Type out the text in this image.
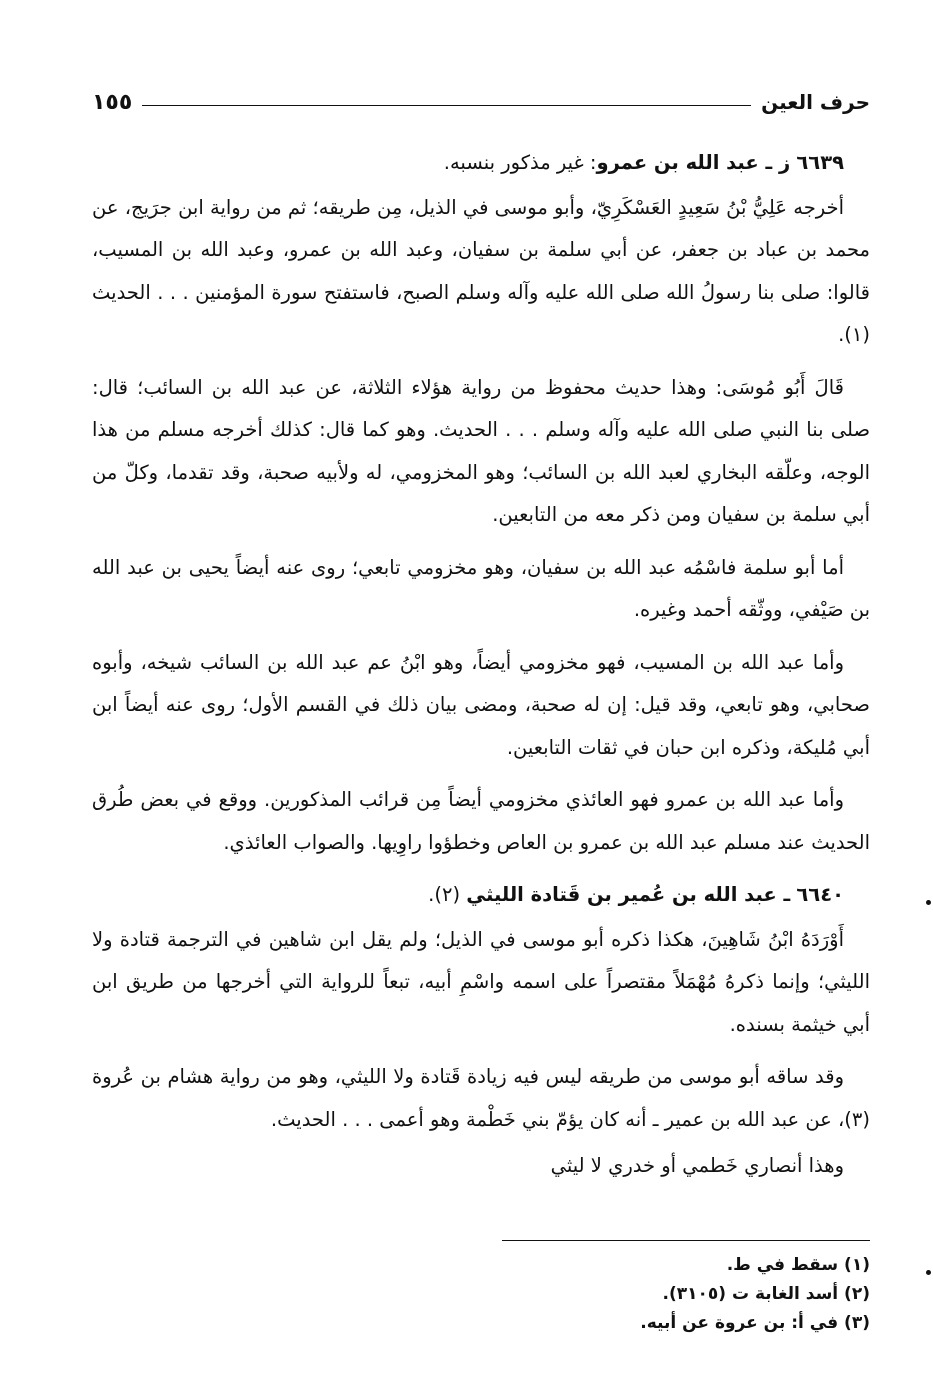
حرف العين
١٥٥

٦٦٣٩ ز ـ عبد الله بن عمرو: غير مذكور بنسبه.

أخرجه عَلِيُّ بْنُ سَعِيدٍ العَسْكَرِيّ، وأبو موسى في الذيل، مِن طريقه؛ ثم من رواية ابن جرَيج، عن محمد بن عباد بن جعفر، عن أبي سلمة بن سفيان، وعبد الله بن عمرو، وعبد الله بن المسيب، قالوا: صلى بنا رسولُ الله صلى الله عليه وآله وسلم الصبح، فاستفتح سورة المؤمنين . . . الحديث (١).

قَالَ أَبُو مُوسَى: وهذا حديث محفوظ من رواية هؤلاء الثلاثة، عن عبد الله بن السائب؛ قال: صلى بنا النبي صلى الله عليه وآله وسلم . . . الحديث. وهو كما قال: كذلك أخرجه مسلم من هذا الوجه، وعلّقه البخاري لعبد الله بن السائب؛ وهو المخزومي، له ولأبيه صحبة، وقد تقدما، وكلّ من أبي سلمة بن سفيان ومن ذكر معه من التابعين.

أما أبو سلمة فاسْمُه عبد الله بن سفيان، وهو مخزومي تابعي؛ روى عنه أيضاً يحيى بن عبد الله بن صَيْفي، ووثّقه أحمد وغيره.

وأما عبد الله بن المسيب، فهو مخزومي أيضاً، وهو ابْنُ عم عبد الله بن السائب شيخه، وأبوه صحابي، وهو تابعي، وقد قيل: إن له صحبة، ومضى بيان ذلك في القسم الأول؛ روى عنه أيضاً ابن أبي مُليكة، وذكره ابن حبان في ثقات التابعين.

وأما عبد الله بن عمرو فهو العائذي مخزومي أيضاً مِن قرائب المذكورين. ووقع في بعض طُرق الحديث عند مسلم عبد الله بن عمرو بن العاص وخطؤوا راوِيها. والصواب العائذي.

٦٦٤٠ ـ عبد الله بن عُمير بن قَتادة الليثي (٢).

أَوْرَدَهُ ابْنُ شَاهِينَ، هكذا ذكره أبو موسى في الذيل؛ ولم يقل ابن شاهين في الترجمة قتادة ولا الليثي؛ وإنما ذكرهُ مُهْمَلاً مقتصراً على اسمه واسْمِ أبيه، تبعاً للرواية التي أخرجها من طريق ابن أبي خيثمة بسنده.

وقد ساقه أبو موسى من طريقه ليس فيه زيادة قَتادة ولا الليثي، وهو من رواية هشام بن عُروة (٣)، عن عبد الله بن عمير ـ أنه كان يؤمّ بني خَطْمة وهو أعمى . . . الحديث.

وهذا أنصاري خَطمي أو خدري لا ليثي

(١) سقط في ط.

(٢) أسد الغابة ت (٣١٠٥).

(٣) في أ: بن عروة عن أبيه.
